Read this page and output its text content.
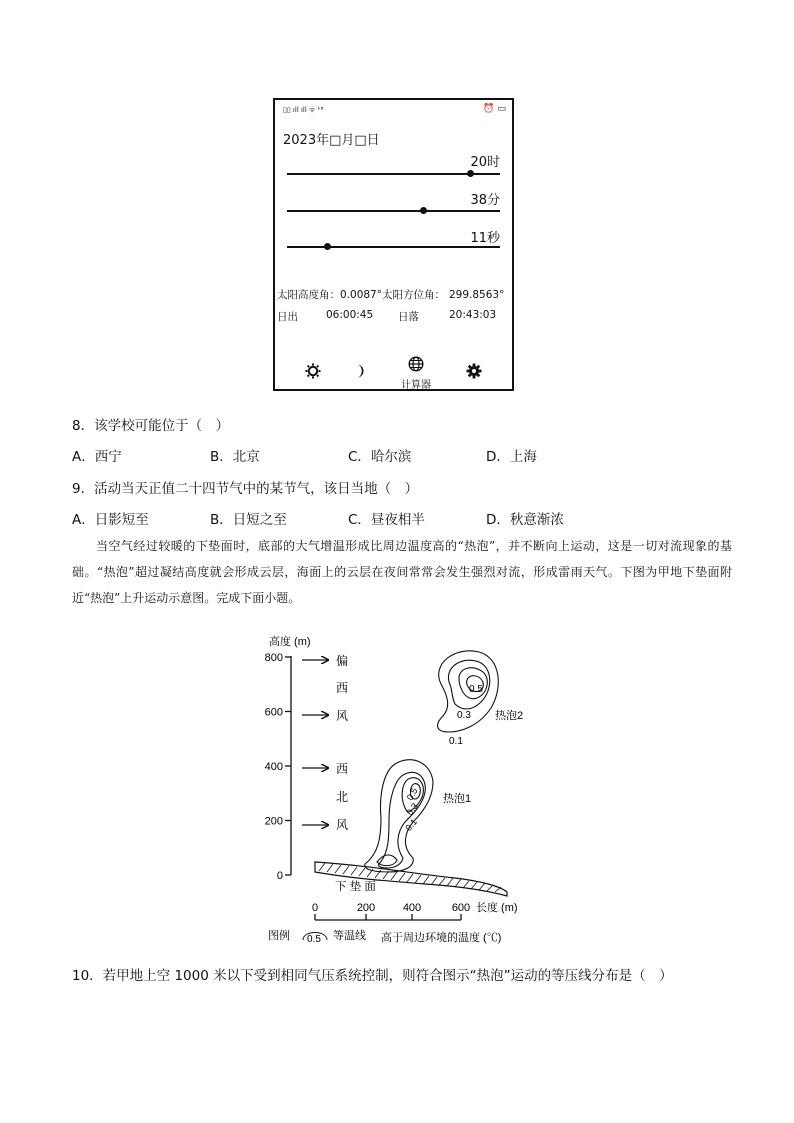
▯▯ ıll ıll ᯤ ᵏᴮ	⏰ ▭
2023年□月□日
20时
38分
11秒
太阳高度角：0.0087°太阳方位角： 299.8563°
日出	06:00:45 日落	20:43:03
计算器
8．该学校可能位于（　）
A．西宁	B．北京	C．哈尔滨	D．上海
9．活动当天正值二十四节气中的某节气，该日当地（　）
A．日影短至	B．日短之至	C．昼夜相半	D．秋意渐浓
当空气经过较暖的下垫面时，底部的大气增温形成比周边温度高的“热泡”，并不断向上运动，这是一切对流现象的基础。“热泡”超过凝结高度就会形成云层，海面上的云层在夜间常常会发生强烈对流，形成雷雨天气。下图为甲地下垫面附近“热泡”上升运动示意图。完成下面小题。
高度 (m)
800
600
400
200
0
偏
西
风
西
北
风
下 垫 面
0.5
0.3
0.1
热泡2
0.5
0.3
0.1
热泡1
0	200	400	600 长度 (m)
图例 0.5 等温线 高于周边环境的温度 (℃)
10．若甲地上空 1000 米以下受到相同气压系统控制，则符合图示“热泡”运动的等压线分布是（　）
